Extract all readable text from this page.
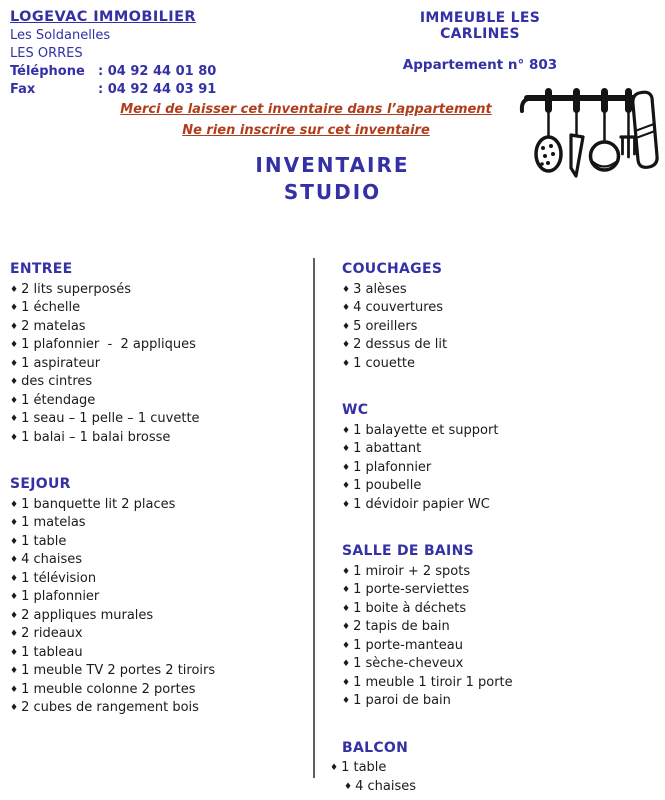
LOGEVAC IMMOBILIER
Les Soldanelles
LES ORRES
Téléphone : 04 92 44 01 80
Fax	: 04 92 44 03 91
IMMEUBLE LES CARLINES
Appartement n° 803
Merci de laisser cet inventaire dans l’appartement
Ne rien inscrire sur cet inventaire
INVENTAIRE
STUDIO
ENTREE
♦ 2 lits superposés
♦ 1 échelle
♦ 2 matelas
♦ 1 plafonnier  -  2 appliques
♦ 1 aspirateur
♦ des cintres
♦ 1 étendage
♦ 1 seau – 1 pelle – 1 cuvette
♦ 1 balai – 1 balai brosse
SEJOUR
♦ 1 banquette lit 2 places
♦ 1 matelas
♦ 1 table
♦ 4 chaises
♦ 1 télévision
♦ 1 plafonnier
♦ 2 appliques murales
♦ 2 rideaux
♦ 1 tableau
♦ 1 meuble TV 2 portes 2 tiroirs
♦ 1 meuble colonne 2 portes
♦ 2 cubes de rangement bois
COUCHAGES
♦ 3 alèses
♦ 4 couvertures
♦ 5 oreillers
♦ 2 dessus de lit
♦ 1 couette
WC
♦ 1 balayette et support
♦ 1 abattant
♦ 1 plafonnier
♦ 1 poubelle
♦ 1 dévidoir papier WC
SALLE DE BAINS
♦ 1 miroir + 2 spots
♦ 1 porte-serviettes
♦ 1 boite à déchets
♦ 2 tapis de bain
♦ 1 porte-manteau
♦ 1 sèche-cheveux
♦ 1 meuble 1 tiroir 1 porte
♦ 1 paroi de bain
BALCON
♦ 1 table
♦ 4 chaises
